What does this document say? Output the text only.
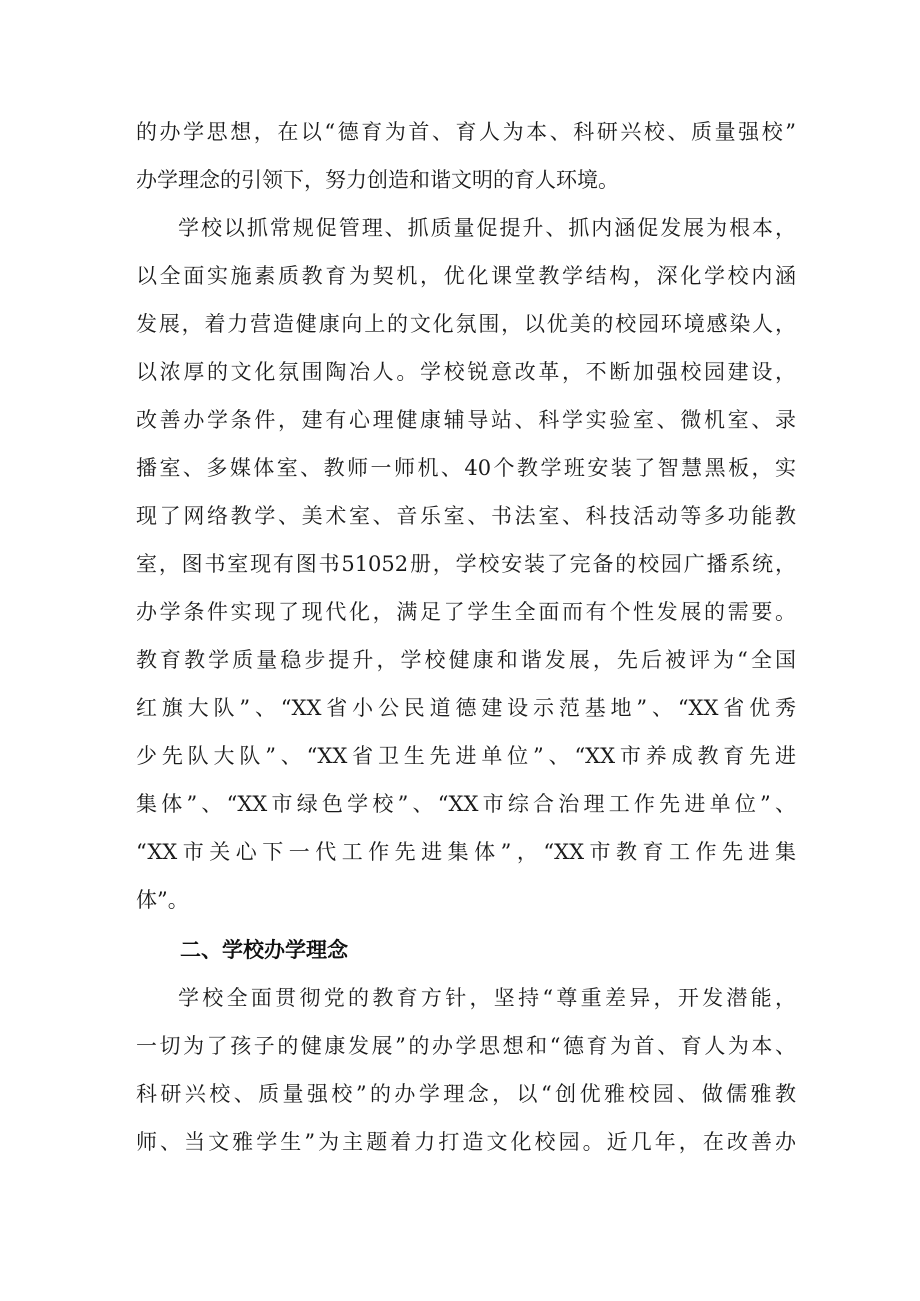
的办学思想，在以“德育为首、育人为本、科研兴校、质量强校”
办学理念的引领下，努力创造和谐文明的育人环境。
学校以抓常规促管理、抓质量促提升、抓内涵促发展为根本，
以全面实施素质教育为契机，优化课堂教学结构，深化学校内涵
发展，着力营造健康向上的文化氛围，以优美的校园环境感染人，
以浓厚的文化氛围陶冶人。学校锐意改革，不断加强校园建设，
改善办学条件，建有心理健康辅导站、科学实验室、微机室、录
播室、多媒体室、教师一师机、40个教学班安装了智慧黑板，实
现了网络教学、美术室、音乐室、书法室、科技活动等多功能教
室，图书室现有图书51052册，学校安装了完备的校园广播系统，
办学条件实现了现代化，满足了学生全面而有个性发展的需要。
教育教学质量稳步提升，学校健康和谐发展，先后被评为“全国
红旗大队”、“XX省小公民道德建设示范基地”、“XX省优秀
少先队大队”、“XX省卫生先进单位”、“XX市养成教育先进
集体”、“XX市绿色学校”、“XX市综合治理工作先进单位”、
“XX市关心下一代工作先进集体”，“XX市教育工作先进集
体”。
二、学校办学理念
学校全面贯彻党的教育方针，坚持“尊重差异，开发潜能，
一切为了孩子的健康发展”的办学思想和“德育为首、育人为本、
科研兴校、质量强校”的办学理念，以“创优雅校园、做儒雅教
师、当文雅学生”为主题着力打造文化校园。近几年，在改善办
